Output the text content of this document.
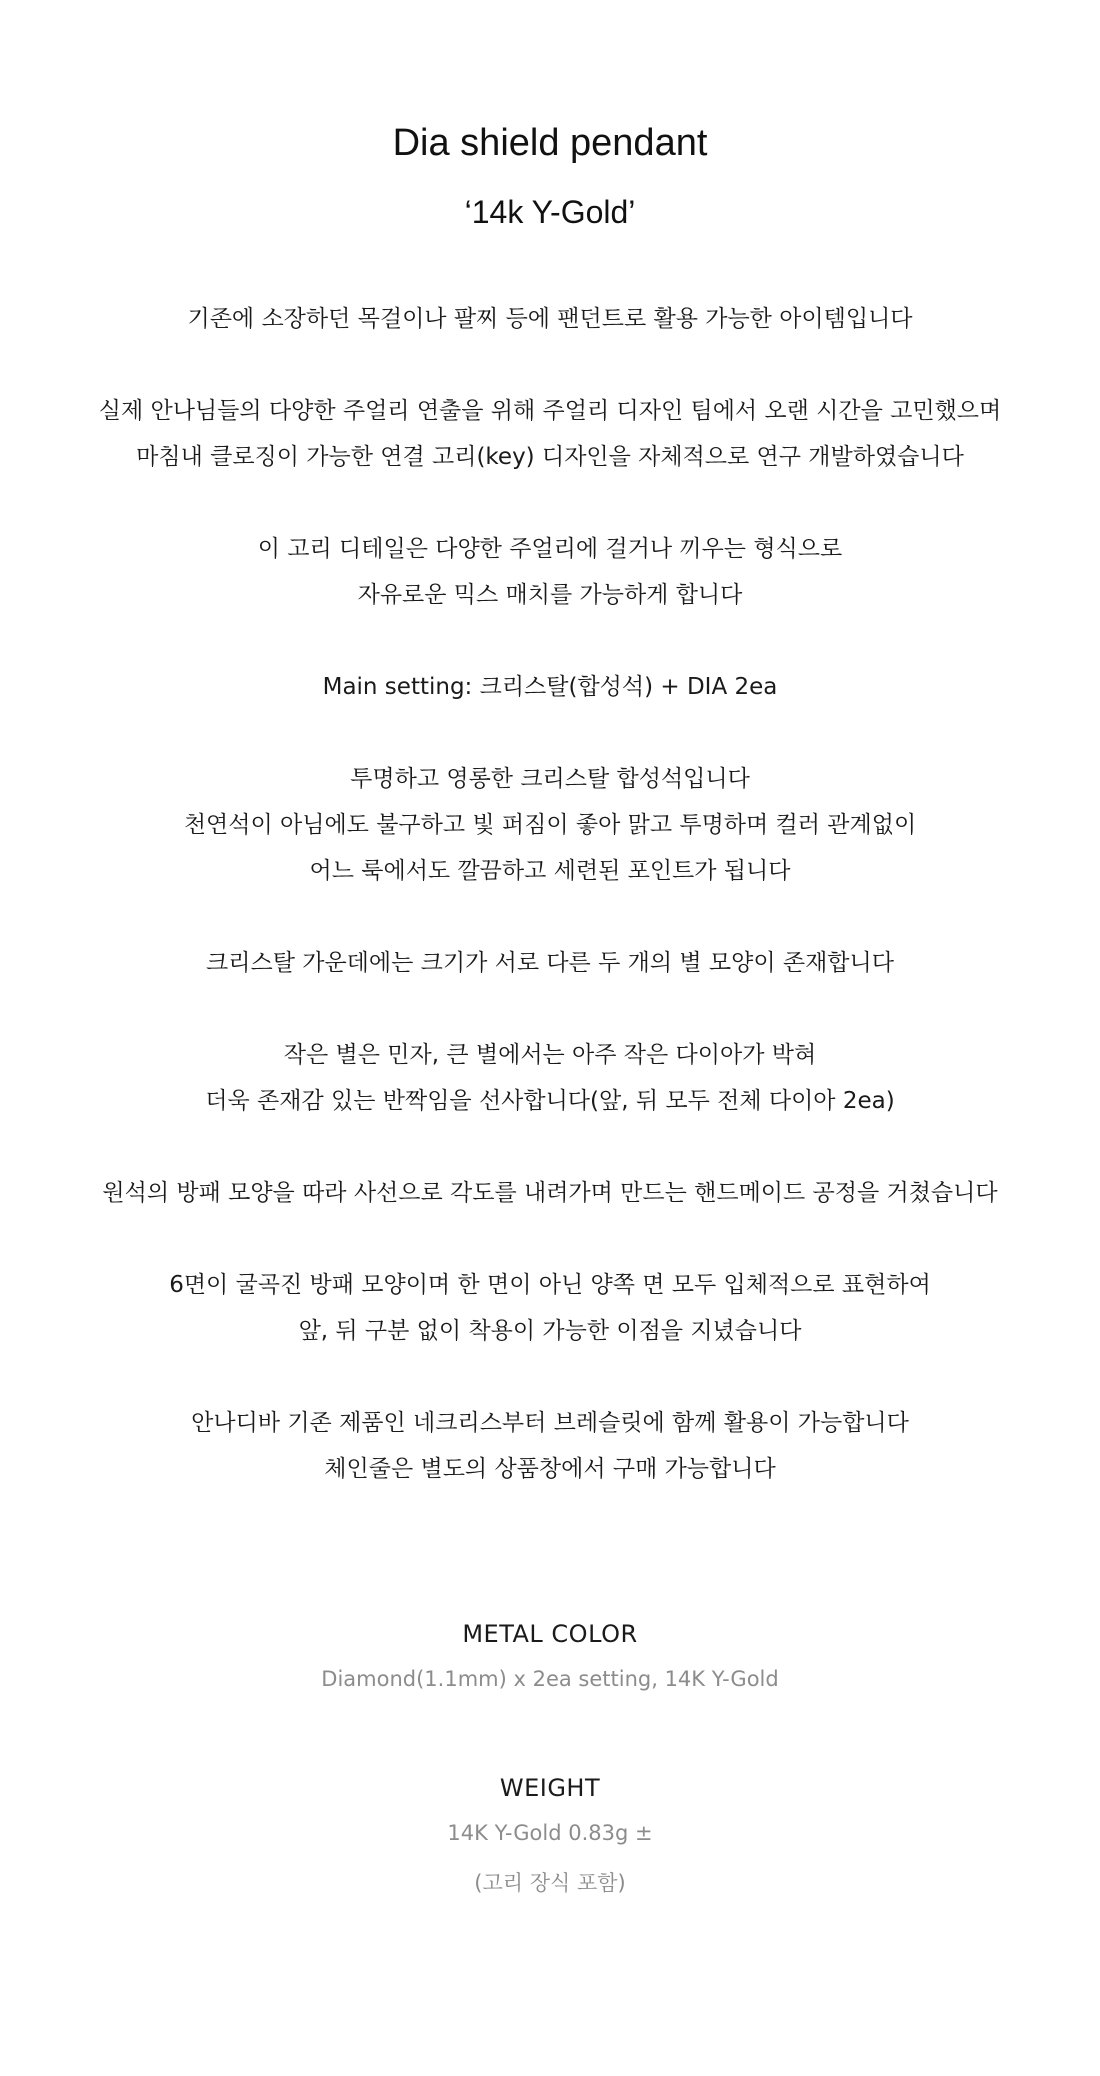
Dia shield pendant
‘14k Y-Gold’

기존에 소장하던 목걸이나 팔찌 등에 팬던트로 활용 가능한 아이템입니다

실제 안나님들의 다양한 주얼리 연출을 위해 주얼리 디자인 팀에서 오랜 시간을 고민했으며
마침내 클로징이 가능한 연결 고리(key) 디자인을 자체적으로 연구 개발하였습니다

이 고리 디테일은 다양한 주얼리에 걸거나 끼우는 형식으로
자유로운 믹스 매치를 가능하게 합니다

Main setting: 크리스탈(합성석) + DIA 2ea

투명하고 영롱한 크리스탈 합성석입니다
천연석이 아님에도 불구하고 빛 퍼짐이 좋아 맑고 투명하며 컬러 관계없이
어느 룩에서도 깔끔하고 세련된 포인트가 됩니다

크리스탈 가운데에는 크기가 서로 다른 두 개의 별 모양이 존재합니다

작은 별은 민자, 큰 별에서는 아주 작은 다이아가 박혀
더욱 존재감 있는 반짝임을 선사합니다(앞, 뒤 모두 전체 다이아 2ea)

원석의 방패 모양을 따라 사선으로 각도를 내려가며 만드는 핸드메이드 공정을 거쳤습니다

6면이 굴곡진 방패 모양이며 한 면이 아닌 양쪽 면 모두 입체적으로 표현하여
앞, 뒤 구분 없이 착용이 가능한 이점을 지녔습니다

안나디바 기존 제품인 네크리스부터 브레슬릿에 함께 활용이 가능합니다
체인줄은 별도의 상품창에서 구매 가능합니다

METAL COLOR
Diamond(1.1mm) x 2ea setting, 14K Y-Gold
WEIGHT
14K Y-Gold 0.83g ±
(고리 장식 포함)
